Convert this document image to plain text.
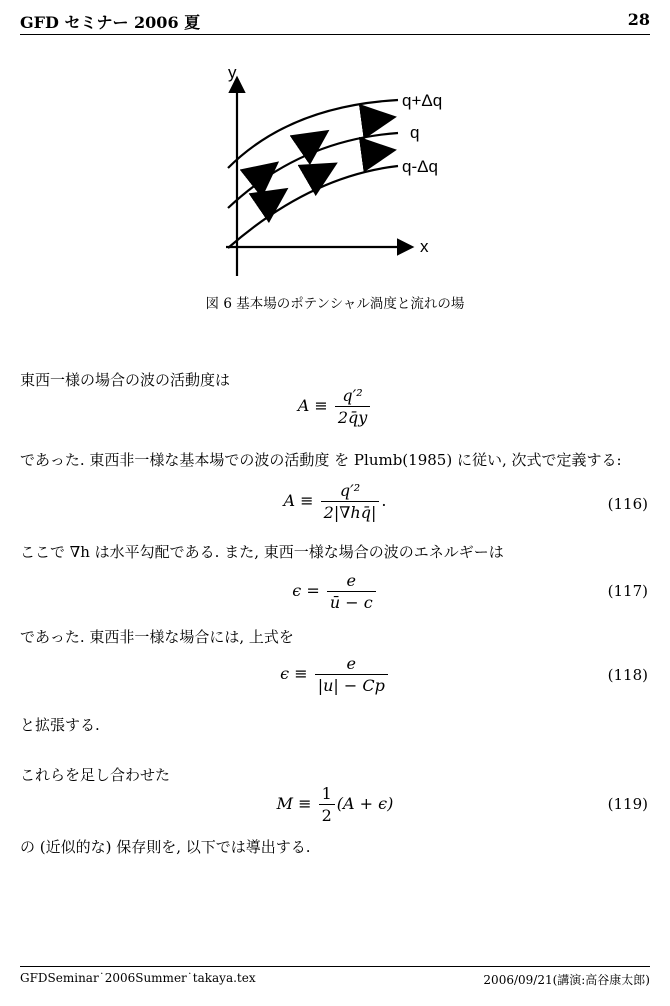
GFD セミナー 2006 夏	28
y
x
q+Δq
q
q-Δq
図 6 基本場のポテンシャル渦度と流れの場
東西一様の場合の波の活動度は
$A \equiv \frac{\text{q′²}}{2q̄y}$
であった. 東西非一様な基本場での波の活動度 を Plumb(1985) に従い, 次式で定義する:
$A \equiv \frac{\text{q′²}}{2|\nabla hq̄|}$ .	(116)
ここで ∇h は水平勾配である. また, 東西一様な場合の波のエネルギーは
$\epsilon = \frac{e}{ū - c}$	(117)
であった. 東西非一様な場合には, 上式を
$\epsilon \equiv \frac{e}{|u| - Cp}$	(118)
と拡張する.
これらを足し合わせた
$M \equiv \frac{1}{2} (A + \epsilon)$	(119)
の (近似的な) 保存則を, 以下では導出する.
GFDSeminar˙2006Summer˙takaya.tex	2006/09/21(講演:高谷康太郎)
